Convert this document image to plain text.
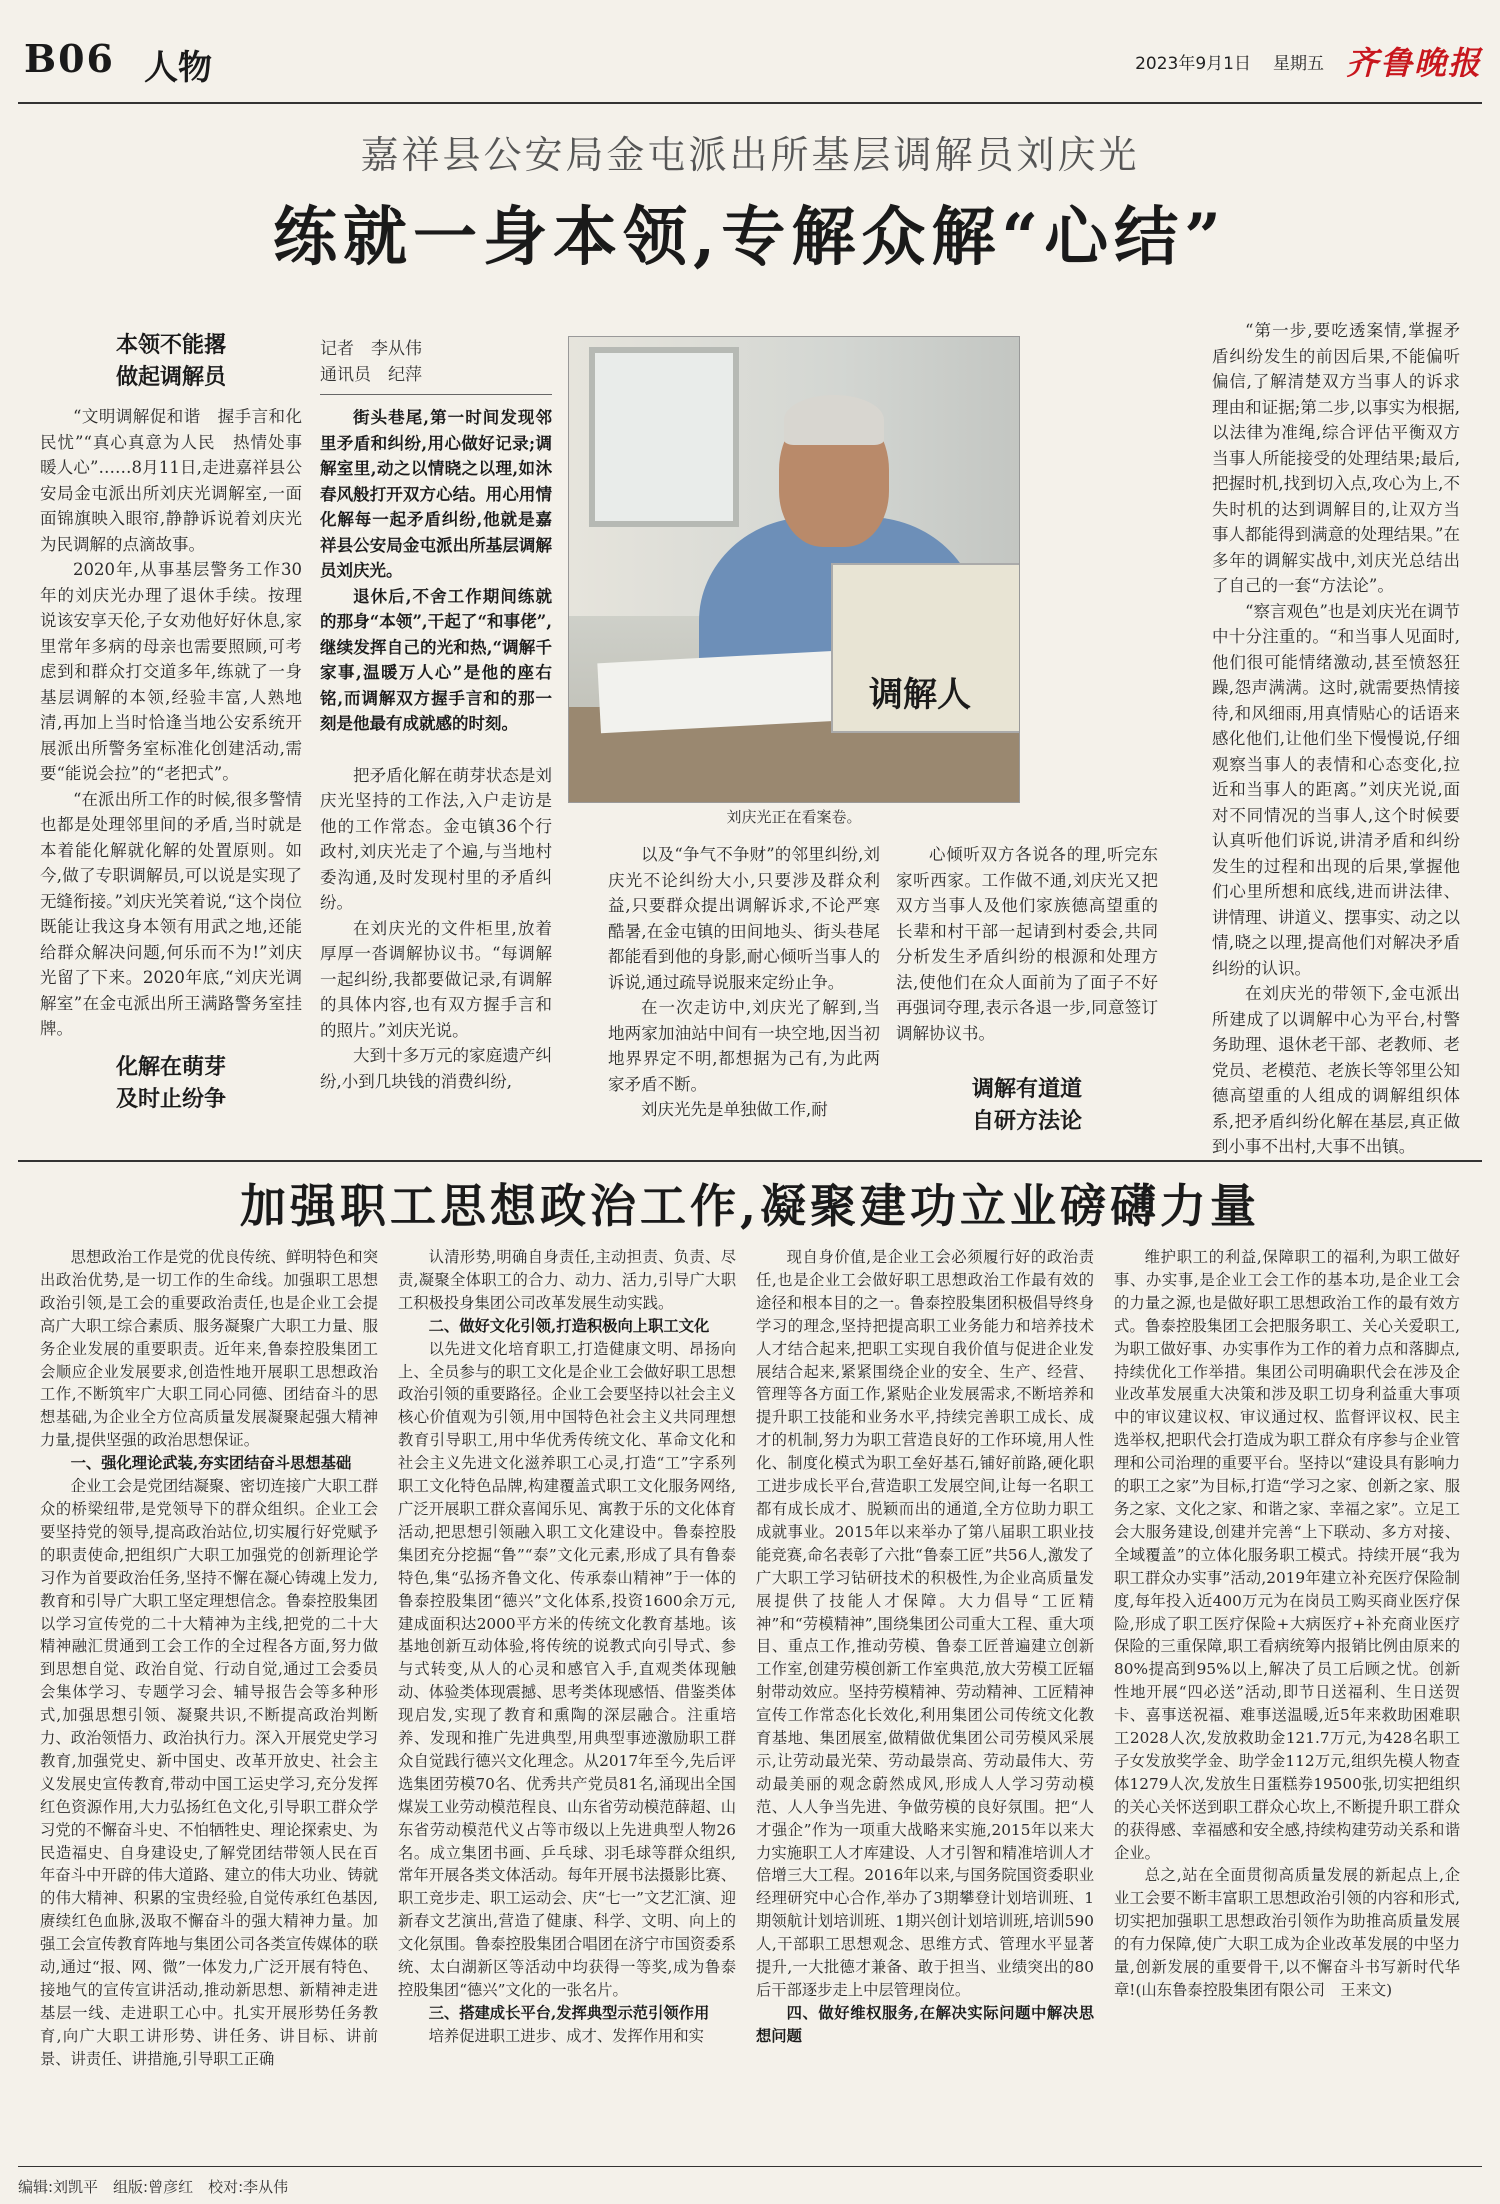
B06 人物	2023年9月1日 星期五 齐鲁晚报
嘉祥县公安局金屯派出所基层调解员刘庆光
练就一身本领,专解众解“心结”
本领不能撂
做起调解员

“文明调解促和谐　握手言和化民忧”“真心真意为人民　热情处事暖人心”……8月11日,走进嘉祥县公安局金屯派出所刘庆光调解室,一面面锦旗映入眼帘,静静诉说着刘庆光为民调解的点滴故事。

2020年,从事基层警务工作30年的刘庆光办理了退休手续。按理说该安享天伦,子女劝他好好休息,家里常年多病的母亲也需要照顾,可考虑到和群众打交道多年,练就了一身基层调解的本领,经验丰富,人熟地清,再加上当时恰逢当地公安系统开展派出所警务室标准化创建活动,需要“能说会拉”的“老把式”。

“在派出所工作的时候,很多警情也都是处理邻里间的矛盾,当时就是本着能化解就化解的处置原则。如今,做了专职调解员,可以说是实现了无缝衔接。”刘庆光笑着说,“这个岗位既能让我这身本领有用武之地,还能给群众解决问题,何乐而不为!”刘庆光留了下来。2020年底,“刘庆光调解室”在金屯派出所王满路警务室挂牌。

化解在萌芽
及时止纷争
记者　李从伟
通讯员　纪萍

街头巷尾,第一时间发现邻里矛盾和纠纷,用心做好记录;调解室里,动之以情晓之以理,如沐春风般打开双方心结。用心用情化解每一起矛盾纠纷,他就是嘉祥县公安局金屯派出所基层调解员刘庆光。

退休后,不舍工作期间练就的那身“本领”,干起了“和事佬”,继续发挥自己的光和热,“调解千家事,温暖万人心”是他的座右铭,而调解双方握手言和的那一刻是他最有成就感的时刻。

把矛盾化解在萌芽状态是刘庆光坚持的工作法,入户走访是他的工作常态。金屯镇36个行政村,刘庆光走了个遍,与当地村委沟通,及时发现村里的矛盾纠纷。

在刘庆光的文件柜里,放着厚厚一沓调解协议书。“每调解一起纠纷,我都要做记录,有调解的具体内容,也有双方握手言和的照片。”刘庆光说。

大到十多万元的家庭遗产纠纷,小到几块钱的消费纠纷,

调解人
刘庆光正在看案卷。

以及“争气不争财”的邻里纠纷,刘庆光不论纠纷大小,只要涉及群众利益,只要群众提出调解诉求,不论严寒酷暑,在金屯镇的田间地头、街头巷尾都能看到他的身影,耐心倾听当事人的诉说,通过疏导说服来定纷止争。

在一次走访中,刘庆光了解到,当地两家加油站中间有一块空地,因当初地界界定不明,都想据为己有,为此两家矛盾不断。

刘庆光先是单独做工作,耐

心倾听双方各说各的理,听完东家听西家。工作做不通,刘庆光又把双方当事人及他们家族德高望重的长辈和村干部一起请到村委会,共同分析发生矛盾纠纷的根源和处理方法,使他们在众人面前为了面子不好再强词夺理,表示各退一步,同意签订调解协议书。

调解有道道
自研方法论

“第一步,要吃透案情,掌握矛盾纠纷发生的前因后果,不能偏听偏信,了解清楚双方当事人的诉求理由和证据;第二步,以事实为根据,以法律为准绳,综合评估平衡双方当事人所能接受的处理结果;最后,把握时机,找到切入点,攻心为上,不失时机的达到调解目的,让双方当事人都能得到满意的处理结果。”在多年的调解实战中,刘庆光总结出了自己的一套“方法论”。

“察言观色”也是刘庆光在调节中十分注重的。“和当事人见面时,他们很可能情绪激动,甚至愤怒狂躁,怨声满满。这时,就需要热情接待,和风细雨,用真情贴心的话语来感化他们,让他们坐下慢慢说,仔细观察当事人的表情和心态变化,拉近和当事人的距离。”刘庆光说,面对不同情况的当事人,这个时候要认真听他们诉说,讲清矛盾和纠纷发生的过程和出现的后果,掌握他们心里所想和底线,进而讲法律、讲情理、讲道义、摆事实、动之以情,晓之以理,提高他们对解决矛盾纠纷的认识。

在刘庆光的带领下,金屯派出所建成了以调解中心为平台,村警务助理、退休老干部、老教师、老党员、老模范、老族长等邻里公知德高望重的人组成的调解组织体系,把矛盾纠纷化解在基层,真正做到小事不出村,大事不出镇。

加强职工思想政治工作,凝聚建功立业磅礴力量

思想政治工作是党的优良传统、鲜明特色和突出政治优势,是一切工作的生命线。加强职工思想政治引领,是工会的重要政治责任,也是企业工会提高广大职工综合素质、服务凝聚广大职工力量、服务企业发展的重要职责。近年来,鲁泰控股集团工会顺应企业发展要求,创造性地开展职工思想政治工作,不断筑牢广大职工同心同德、团结奋斗的思想基础,为企业全方位高质量发展凝聚起强大精神力量,提供坚强的政治思想保证。

一、强化理论武装,夯实团结奋斗思想基础

企业工会是党团结凝聚、密切连接广大职工群众的桥梁纽带,是党领导下的群众组织。企业工会要坚持党的领导,提高政治站位,切实履行好党赋予的职责使命,把组织广大职工加强党的创新理论学习作为首要政治任务,坚持不懈在凝心铸魂上发力,教育和引导广大职工坚定理想信念。鲁泰控股集团以学习宣传党的二十大精神为主线,把党的二十大精神融汇贯通到工会工作的全过程各方面,努力做到思想自觉、政治自觉、行动自觉,通过工会委员会集体学习、专题学习会、辅导报告会等多种形式,加强思想引领、凝聚共识,不断提高政治判断力、政治领悟力、政治执行力。深入开展党史学习教育,加强党史、新中国史、改革开放史、社会主义发展史宣传教育,带动中国工运史学习,充分发挥红色资源作用,大力弘扬红色文化,引导职工群众学习党的不懈奋斗史、不怕牺牲史、理论探索史、为民造福史、自身建设史,了解党团结带领人民在百年奋斗中开辟的伟大道路、建立的伟大功业、铸就的伟大精神、积累的宝贵经验,自觉传承红色基因,赓续红色血脉,汲取不懈奋斗的强大精神力量。加强工会宣传教育阵地与集团公司各类宣传媒体的联动,通过“报、网、微”一体发力,广泛开展有特色、接地气的宣传宣讲活动,推动新思想、新精神走进基层一线、走进职工心中。扎实开展形势任务教育,向广大职工讲形势、讲任务、讲目标、讲前景、讲责任、讲措施,引导职工正确

认清形势,明确自身责任,主动担责、负责、尽责,凝聚全体职工的合力、动力、活力,引导广大职工积极投身集团公司改革发展生动实践。

二、做好文化引领,打造积极向上职工文化

以先进文化培育职工,打造健康文明、昂扬向上、全员参与的职工文化是企业工会做好职工思想政治引领的重要路径。企业工会要坚持以社会主义核心价值观为引领,用中国特色社会主义共同理想教育引导职工,用中华优秀传统文化、革命文化和社会主义先进文化滋养职工心灵,打造“工”字系列职工文化特色品牌,构建覆盖式职工文化服务网络,广泛开展职工群众喜闻乐见、寓教于乐的文化体育活动,把思想引领融入职工文化建设中。鲁泰控股集团充分挖掘“鲁”“泰”文化元素,形成了具有鲁泰特色,集“弘扬齐鲁文化、传承泰山精神”于一体的鲁泰控股集团“德兴”文化体系,投资1600余万元,建成面积达2000平方米的传统文化教育基地。该基地创新互动体验,将传统的说教式向引导式、参与式转变,从人的心灵和感官入手,直观类体现触动、体验类体现震撼、思考类体现感悟、借鉴类体现启发,实现了教育和熏陶的深层融合。注重培养、发现和推广先进典型,用典型事迹激励职工群众自觉践行德兴文化理念。从2017年至今,先后评选集团劳模70名、优秀共产党员81名,涌现出全国煤炭工业劳动模范程良、山东省劳动模范薛超、山东省劳动模范代义占等市级以上先进典型人物26名。成立集团书画、乒乓球、羽毛球等群众组织,常年开展各类文体活动。每年开展书法摄影比赛、职工竞步走、职工运动会、庆“七一”文艺汇演、迎新春文艺演出,营造了健康、科学、文明、向上的文化氛围。鲁泰控股集团合唱团在济宁市国资委系统、太白湖新区等活动中均获得一等奖,成为鲁泰控股集团“德兴”文化的一张名片。

三、搭建成长平台,发挥典型示范引领作用

培养促进职工进步、成才、发挥作用和实

现自身价值,是企业工会必须履行好的政治责任,也是企业工会做好职工思想政治工作最有效的途径和根本目的之一。鲁泰控股集团积极倡导终身学习的理念,坚持把提高职工业务能力和培养技术人才结合起来,把职工实现自我价值与促进企业发展结合起来,紧紧围绕企业的安全、生产、经营、管理等各方面工作,紧贴企业发展需求,不断培养和提升职工技能和业务水平,持续完善职工成长、成才的机制,努力为职工营造良好的工作环境,用人性化、制度化模式为职工垒好基石,铺好前路,硬化职工进步成长平台,营造职工发展空间,让每一名职工都有成长成才、脱颖而出的通道,全方位助力职工成就事业。2015年以来举办了第八届职工职业技能竞赛,命名表彰了六批“鲁泰工匠”共56人,激发了广大职工学习钻研技术的积极性,为企业高质量发展提供了技能人才保障。大力倡导“工匠精神”和“劳模精神”,围绕集团公司重大工程、重大项目、重点工作,推动劳模、鲁泰工匠普遍建立创新工作室,创建劳模创新工作室典范,放大劳模工匠辐射带动效应。坚持劳模精神、劳动精神、工匠精神宣传工作常态化长效化,利用集团公司传统文化教育基地、集团展室,做精做优集团公司劳模风采展示,让劳动最光荣、劳动最崇高、劳动最伟大、劳动最美丽的观念蔚然成风,形成人人学习劳动模范、人人争当先进、争做劳模的良好氛围。把“人才强企”作为一项重大战略来实施,2015年以来大力实施职工人才库建设、人才引智和精准培训人才倍增三大工程。2016年以来,与国务院国资委职业经理研究中心合作,举办了3期攀登计划培训班、1期领航计划培训班、1期兴创计划培训班,培训590人,干部职工思想观念、思维方式、管理水平显著提升,一大批德才兼备、敢于担当、业绩突出的80后干部逐步走上中层管理岗位。

四、做好维权服务,在解决实际问题中解决思想问题

维护职工的利益,保障职工的福利,为职工做好事、办实事,是企业工会工作的基本功,是企业工会的力量之源,也是做好职工思想政治工作的最有效方式。鲁泰控股集团工会把服务职工、关心关爱职工,为职工做好事、办实事作为工作的着力点和落脚点,持续优化工作举措。集团公司明确职代会在涉及企业改革发展重大决策和涉及职工切身利益重大事项中的审议建议权、审议通过权、监督评议权、民主选举权,把职代会打造成为职工群众有序参与企业管理和公司治理的重要平台。坚持以“建设具有影响力的职工之家”为目标,打造“学习之家、创新之家、服务之家、文化之家、和谐之家、幸福之家”。立足工会大服务建设,创建并完善“上下联动、多方对接、全域覆盖”的立体化服务职工模式。持续开展“我为职工群众办实事”活动,2019年建立补充医疗保险制度,每年投入近400万元为在岗员工购买商业医疗保险,形成了职工医疗保险+大病医疗+补充商业医疗保险的三重保障,职工看病统筹内报销比例由原来的80%提高到95%以上,解决了员工后顾之忧。创新性地开展“四必送”活动,即节日送福利、生日送贺卡、喜事送祝福、难事送温暖,近5年来救助困难职工2028人次,发放救助金121.7万元,为428名职工子女发放奖学金、助学金112万元,组织先模人物查体1279人次,发放生日蛋糕券19500张,切实把组织的关心关怀送到职工群众心坎上,不断提升职工群众的获得感、幸福感和安全感,持续构建劳动关系和谐企业。

总之,站在全面贯彻高质量发展的新起点上,企业工会要不断丰富职工思想政治引领的内容和形式,切实把加强职工思想政治引领作为助推高质量发展的有力保障,使广大职工成为企业改革发展的中坚力量,创新发展的重要骨干,以不懈奋斗书写新时代华章!(山东鲁泰控股集团有限公司　王来文)

编辑:刘凯平　组版:曾彦红　校对:李从伟
